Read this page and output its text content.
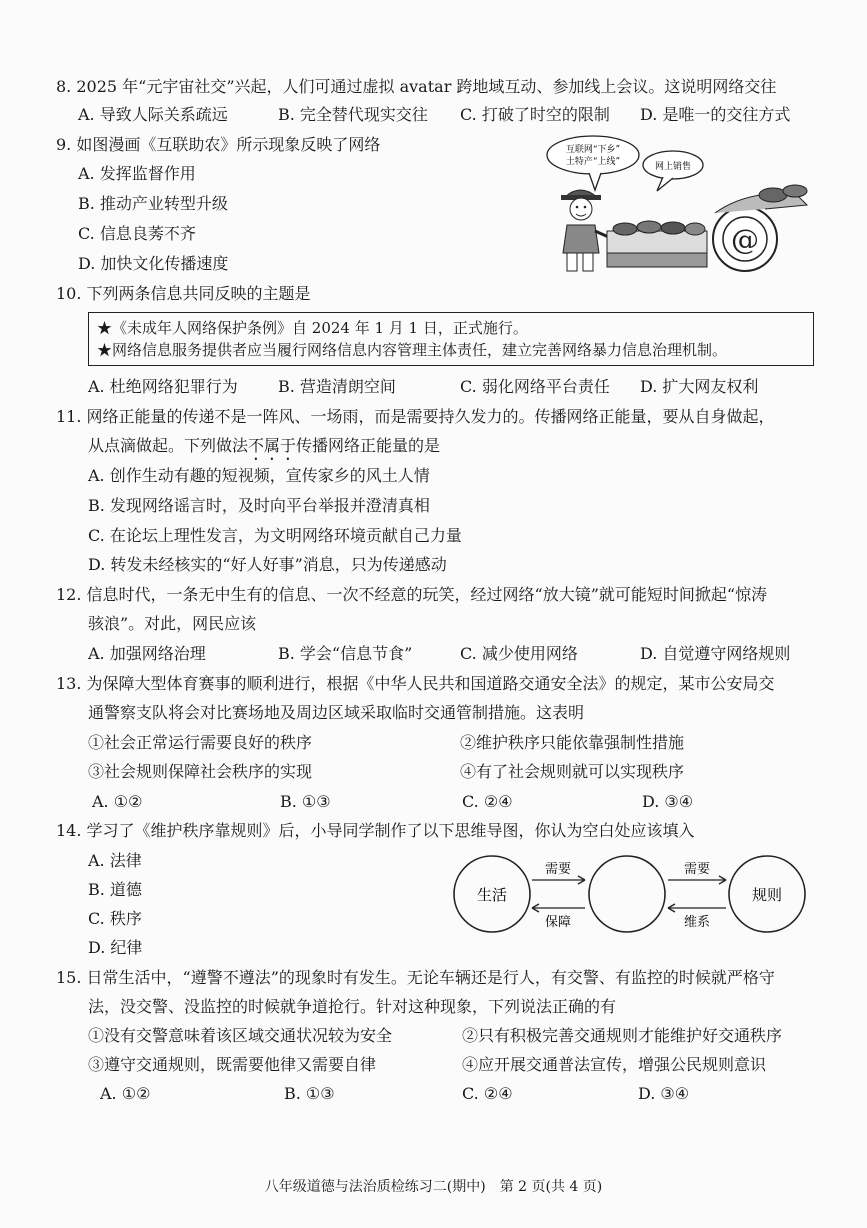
8. 2025 年“元宇宙社交”兴起，人们可通过虚拟 avatar 跨地域互动、参加线上会议。这说明网络交往
A. 导致人际关系疏远	B. 完全替代现实交往 C. 打破了时空的限制 D. 是唯一的交往方式
9. 如图漫画《互联助农》所示现象反映了网络
A. 发挥监督作用
B. 推动产业转型升级
C. 信息良莠不齐
D. 加快文化传播速度
互联网“下乡”
土特产“上线”	网上销售
@
10. 下列两条信息共同反映的主题是
★《未成年人网络保护条例》自 2024 年 1 月 1 日，正式施行。
★网络信息服务提供者应当履行网络信息内容管理主体责任，建立完善网络暴力信息治理机制。
A. 杜绝网络犯罪行为	B. 营造清朗空间	C. 弱化网络平台责任 D. 扩大网友权利
11. 网络正能量的传递不是一阵风、一场雨，而是需要持久发力的。传播网络正能量，要从自身做起，
从点滴做起。下列做法不属于传播网络正能量的是
A. 创作生动有趣的短视频，宣传家乡的风土人情
B. 发现网络谣言时，及时向平台举报并澄清真相
C. 在论坛上理性发言，为文明网络环境贡献自己力量
D. 转发未经核实的“好人好事”消息，只为传递感动
12. 信息时代，一条无中生有的信息、一次不经意的玩笑，经过网络“放大镜”就可能短时间掀起“惊涛
骇浪”。对此，网民应该
A. 加强网络治理	B. 学会“信息节食”	C. 减少使用网络	D. 自觉遵守网络规则
13. 为保障大型体育赛事的顺利进行，根据《中华人民共和国道路交通安全法》的规定，某市公安局交
通警察支队将会对比赛场地及周边区域采取临时交通管制措施。这表明
①社会正常运行需要良好的秩序	②维护秩序只能依靠强制性措施
③社会规则保障社会秩序的实现	④有了社会规则就可以实现秩序
A. ①②	B. ①③	C. ②④	D. ③④
14. 学习了《维护秩序靠规则》后，小导同学制作了以下思维导图，你认为空白处应该填入
A. 法律
B. 道德
C. 秩序
D. 纪律
生活	规则
需要	需要
保障	维系
15. 日常生活中，“遵警不遵法”的现象时有发生。无论车辆还是行人，有交警、有监控的时候就严格守
法，没交警、没监控的时候就争道抢行。针对这种现象，下列说法正确的有
①没有交警意味着该区域交通状况较为安全	②只有积极完善交通规则才能维护好交通秩序
③遵守交通规则，既需要他律又需要自律	④应开展交通普法宣传，增强公民规则意识
A. ①②	B. ①③	C. ②④	D. ③④
八年级道德与法治质检练习二(期中)　第 2 页(共 4 页)
